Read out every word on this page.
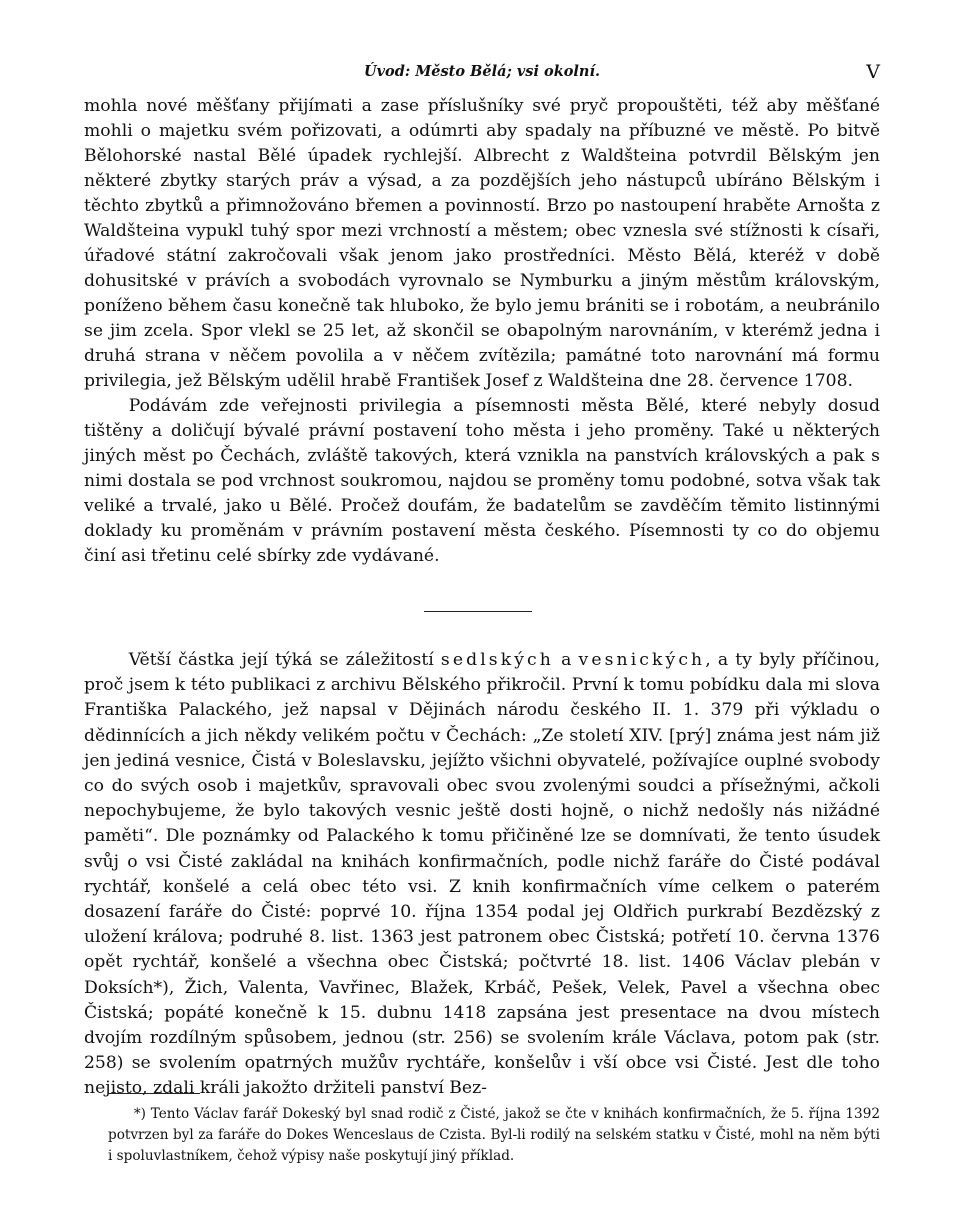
Úvod: Město Bělá; vsi okolní.	V

mohla nové měšťany přijímati a zase příslušníky své pryč propouštěti, též aby měšťané mohli o majetku svém pořizovati, a odúmrti aby spadaly na příbuzné ve městě. Po bitvě Bělohorské nastal Bělé úpadek rychlejší. Albrecht z Waldšteina potvrdil Bělským jen některé zbytky starých práv a výsad, a za pozdějších jeho nástupců ubíráno Bělským i těchto zbytků a přimnožováno břemen a povinností. Brzo po nastoupení hraběte Arnošta z Waldšteina vypukl tuhý spor mezi vrchností a městem; obec vznesla své stížnosti k císaři, úřadové státní zakročovali však jenom jako prostředníci. Město Bělá, kteréž v době dohusitské v právích a svobodách vyrovnalo se Nymburku a jiným městům královským, poníženo během času konečně tak hluboko, že bylo jemu brániti se i robotám, a neubránilo se jim zcela. Spor vlekl se 25 let, až skončil se obapolným narovnáním, v kterémž jedna i druhá strana v něčem povolila a v něčem zvítězila; památné toto narovnání má formu privilegia, jež Bělským udělil hrabě František Josef z Waldšteina dne 28. července 1708.

Podávám zde veřejnosti privilegia a písemnosti města Bělé, které nebyly dosud tištěny a doličují bývalé právní postavení toho města i jeho proměny. Také u některých jiných měst po Čechách, zvláště takových, která vznikla na panstvích královských a pak s nimi dostala se pod vrchnost soukromou, najdou se proměny tomu podobné, sotva však tak veliké a trvalé, jako u Bělé. Pročež doufám, že badatelům se zavděčím těmito listinnými doklady ku proměnám v právním postavení města českého. Písemnosti ty co do objemu činí asi třetinu celé sbírky zde vydávané.

Větší částka její týká se záležitostí sedlských a vesnických, a ty byly příčinou, proč jsem k této publikaci z archivu Bělského přikročil. První k tomu pobídku dala mi slova Františka Palackého, jež napsal v Dějinách národu českého II. 1. 379 při výkladu o dědinnících a jich někdy velikém počtu v Čechách: „Ze století XIV. [prý] známa jest nám již jen jediná vesnice, Čistá v Boleslavsku, jejížto všichni obyvatelé, požívajíce ouplné svobody co do svých osob i majetkův, spravovali obec svou zvolenými soudci a přísežnými, ačkoli nepochybujeme, že bylo takových vesnic ještě dosti hojně, o nichž nedošly nás nižádné paměti“. Dle poznámky od Palackého k tomu přičiněné lze se domnívati, že tento úsudek svůj o vsi Čisté zakládal na knihách konfirmačních, podle nichž faráře do Čisté podával rychtář, konšelé a celá obec této vsi. Z knih konfirmačních víme celkem o paterém dosazení faráře do Čisté: poprvé 10. října 1354 podal jej Oldřich purkrabí Bezdězský z uložení králova; podruhé 8. list. 1363 jest patronem obec Čistská; potřetí 10. června 1376 opět rychtář, konšelé a všechna obec Čistská; počtvrté 18. list. 1406 Václav plebán v Doksích*), Žich, Valenta, Vavřinec, Blažek, Krbáč, Pešek, Velek, Pavel a všechna obec Čistská; popáté konečně k 15. dubnu 1418 zapsána jest presentace na dvou místech dvojím rozdílným spůsobem, jednou (str. 256) se svolením krále Václava, potom pak (str. 258) se svolením opatrných mužův rychtáře, konšelův i vší obce vsi Čisté. Jest dle toho nejisto, zdali králi jakožto držiteli panství Bez-

*) Tento Václav farář Dokeský byl snad rodič z Čisté, jakož se čte v knihách konfirmačních, že 5. října 1392 potvrzen byl za faráře do Dokes Wenceslaus de Czista. Byl-li rodilý na selském statku v Čisté, mohl na něm býti i spoluvlastníkem, čehož výpisy naše poskytují jiný příklad.
